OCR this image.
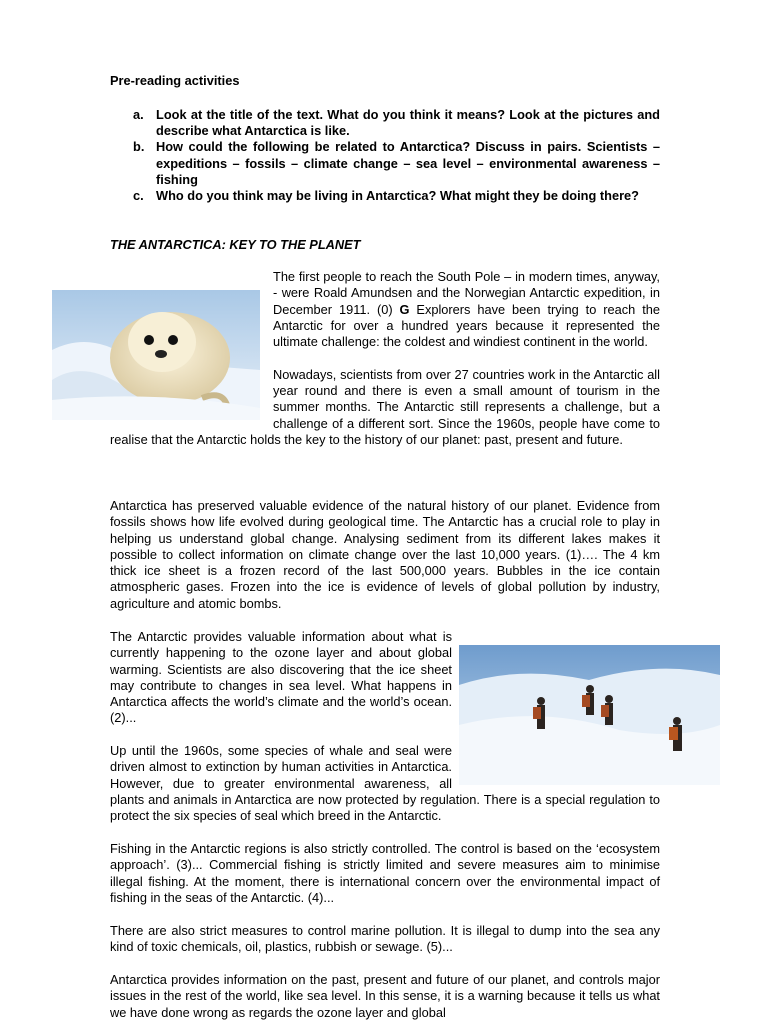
Pre-reading activities
a. Look at the title of the text. What do you think it means? Look at the pictures and describe what Antarctica is like.
b. How could the following be related to Antarctica? Discuss in pairs. Scientists – expeditions – fossils – climate change – sea level – environmental awareness – fishing
c. Who do you think may be living in Antarctica? What might they be doing there?
THE ANTARCTICA: KEY TO THE PLANET
The first people to reach the South Pole – in modern times, anyway, - were Roald Amundsen and the Norwegian Antarctic expedition, in December 1911. (0) G Explorers have been trying to reach the Antarctic for over a hundred years because it represented the ultimate challenge: the coldest and windiest continent in the world.

Nowadays, scientists from over 27 countries work in the Antarctic all year round and there is even a small amount of tourism in the summer months. The Antarctic still represents a challenge, but a challenge of a different sort. Since the 1960s, people have come to realise that the Antarctic holds the key to the history of our planet: past, present and future.
Antarctica has preserved valuable evidence of the natural history of our planet. Evidence from fossils shows how life evolved during geological time. The Antarctic has a crucial role to play in helping us understand global change. Analysing sediment from its different lakes makes it possible to collect information on climate change over the last 10,000 years. (1)…. The 4 km thick ice sheet is a frozen record of the last 500,000 years. Bubbles in the ice contain atmospheric gases. Frozen into the ice is evidence of levels of global pollution by industry, agriculture and atomic bombs.
The Antarctic provides valuable information about what is currently happening to the ozone layer and about global warming. Scientists are also discovering that the ice sheet may contribute to changes in sea level. What happens in Antarctica affects the world’s climate and the world’s ocean. (2)...

Up until the 1960s, some species of whale and seal were driven almost to extinction by human activities in Antarctica. However, due to greater environmental awareness, all plants and animals in Antarctica are now protected by regulation. There is a special regulation to protect the six species of seal which breed in the Antarctic.
Fishing in the Antarctic regions is also strictly controlled. The control is based on the ‘ecosystem approach’. (3)... Commercial fishing is strictly limited and severe measures aim to minimise illegal fishing. At the moment, there is international concern over the environmental impact of fishing in the seas of the Antarctic. (4)...
There are also strict measures to control marine pollution. It is illegal to dump into the sea any kind of toxic chemicals, oil, plastics, rubbish or sewage. (5)...
Antarctica provides information on the past, present and future of our planet, and controls major issues in the rest of the world, like sea level. In this sense, it is a warning because it tells us what we have done wrong as regards the ozone layer and global
